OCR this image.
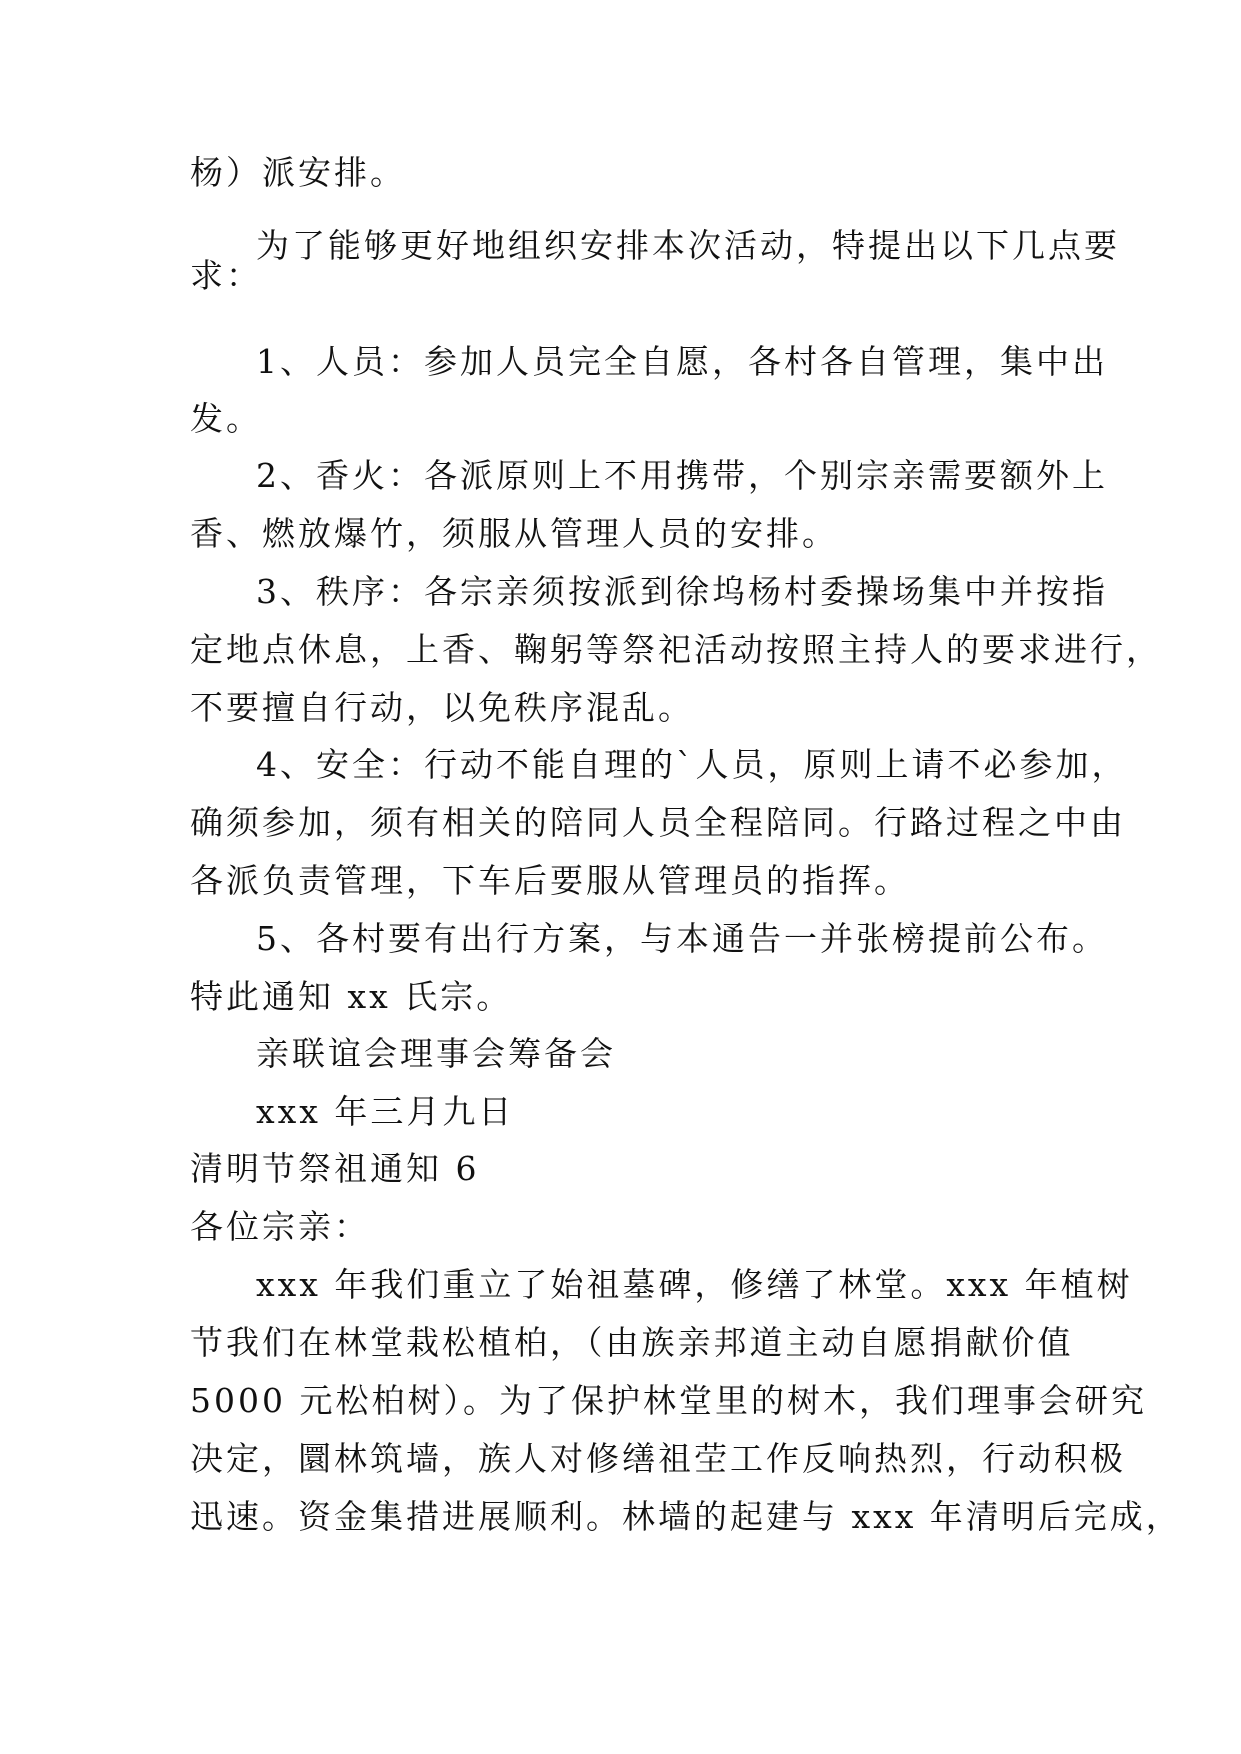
杨）派安排。
为了能够更好地组织安排本次活动，特提出以下几点要
求：
1、人员：参加人员完全自愿，各村各自管理，集中出
发。
2、香火：各派原则上不用携带，个别宗亲需要额外上
香、燃放爆竹，须服从管理人员的安排。
3、秩序：各宗亲须按派到徐坞杨村委操场集中并按指
定地点休息，上香、鞠躬等祭祀活动按照主持人的要求进行，
不要擅自行动，以免秩序混乱。
4、安全：行动不能自理的`人员，原则上请不必参加，
确须参加，须有相关的陪同人员全程陪同。行路过程之中由
各派负责管理，下车后要服从管理员的指挥。
5、各村要有出行方案，与本通告一并张榜提前公布。
特此通知 xx 氏宗。
亲联谊会理事会筹备会
xxx 年三月九日
清明节祭祖通知 6
各位宗亲：
xxx 年我们重立了始祖墓碑，修缮了林堂。xxx 年植树
节我们在林堂栽松植柏，（由族亲邦道主动自愿捐献价值
5000 元松柏树）。为了保护林堂里的树木，我们理事会研究
决定，圜林筑墙，族人对修缮祖茔工作反响热烈，行动积极
迅速。资金集措进展顺利。林墙的起建与 xxx 年清明后完成，
